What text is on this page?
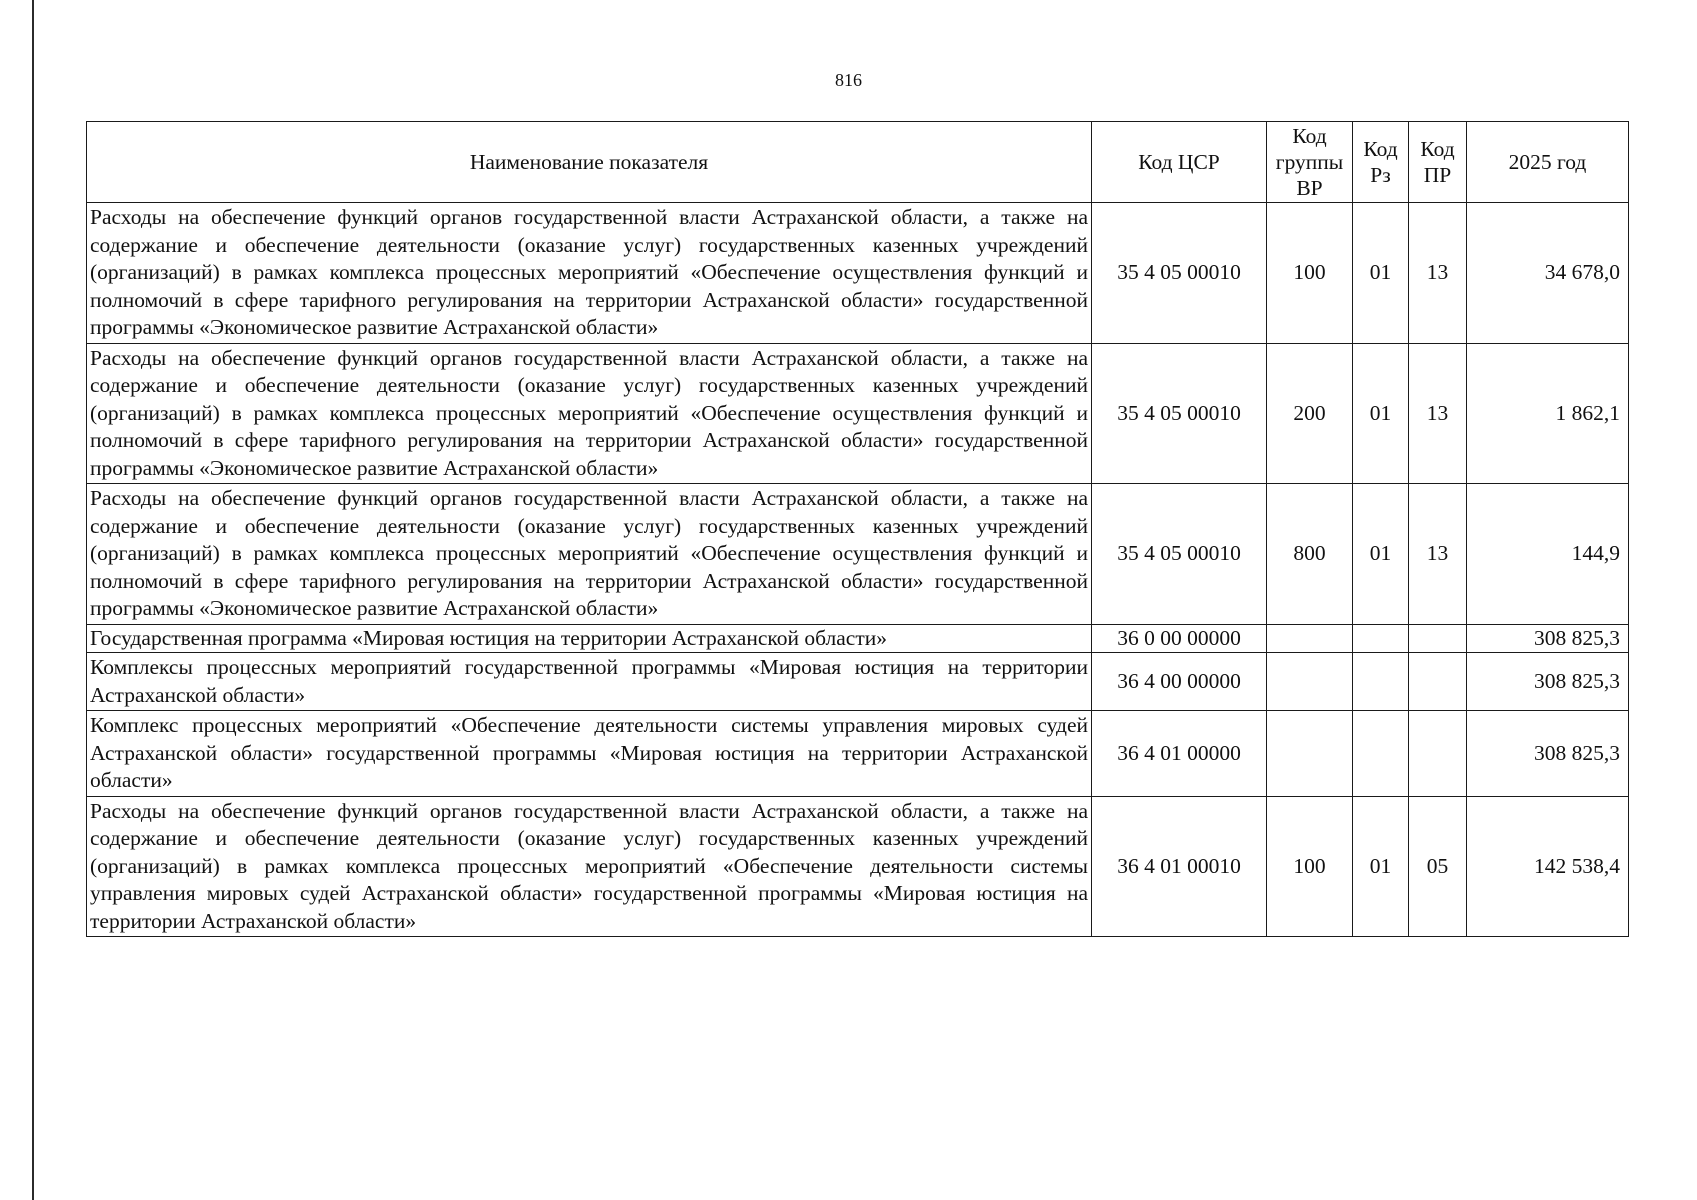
816
Наименование показателя	Код ЦСР	Код группы ВР	Код Рз	Код ПР	2025 год
Расходы на обеспечение функций органов государственной власти Астраханской области, а также на содержание и обеспечение деятельности (оказание услуг) государственных казенных учреждений (организаций) в рамках комплекса процессных мероприятий «Обеспечение осуществления функций и полномочий в сфере тарифного регулирования на территории Астраханской области» государственной программы «Экономическое развитие Астраханской области»	35 4 05 00010	100	01	13	34 678,0
Расходы на обеспечение функций органов государственной власти Астраханской области, а также на содержание и обеспечение деятельности (оказание услуг) государственных казенных учреждений (организаций) в рамках комплекса процессных мероприятий «Обеспечение осуществления функций и полномочий в сфере тарифного регулирования на территории Астраханской области» государственной программы «Экономическое развитие Астраханской области»	35 4 05 00010	200	01	13	1 862,1
Расходы на обеспечение функций органов государственной власти Астраханской области, а также на содержание и обеспечение деятельности (оказание услуг) государственных казенных учреждений (организаций) в рамках комплекса процессных мероприятий «Обеспечение осуществления функций и полномочий в сфере тарифного регулирования на территории Астраханской области» государственной программы «Экономическое развитие Астраханской области»	35 4 05 00010	800	01	13	144,9
Государственная программа «Мировая юстиция на территории Астраханской области»	36 0 00 00000				308 825,3
Комплексы процессных мероприятий государственной программы «Мировая юстиция на территории Астраханской области»	36 4 00 00000				308 825,3
Комплекс процессных мероприятий «Обеспечение деятельности системы управления мировых судей Астраханской области» государственной программы «Мировая юстиция на территории Астраханской области»	36 4 01 00000				308 825,3
Расходы на обеспечение функций органов государственной власти Астраханской области, а также на содержание и обеспечение деятельности (оказание услуг) государственных казенных учреждений (организаций) в рамках комплекса процессных мероприятий «Обеспечение деятельности системы управления мировых судей Астраханской области» государственной программы «Мировая юстиция на территории Астраханской области»	36 4 01 00010	100	01	05	142 538,4
